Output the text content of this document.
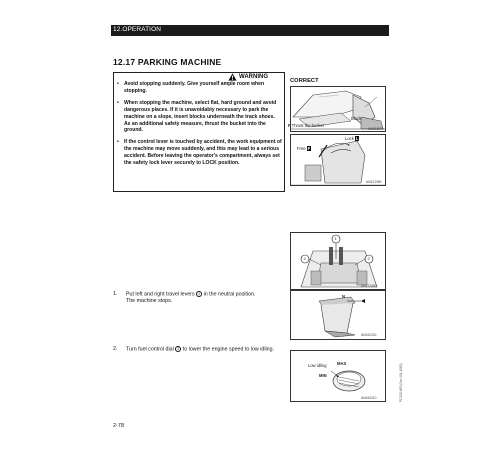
12.OPERATION
12.17 PARKING MACHINE
WARNING
• Avoid stopping suddenly. Give yourself ample room when stopping.
• When stopping the machine, select flat, hard ground and avoid dangerous places. If it is unavoidably necessary to park the machine on a slope, insert blocks underneath the track shoes.
As an additional safety measure, thrust the bucket into the ground.
• If the control lever is touched by accident, the work equipment of the machine may move suddenly, and this may lead to a serious accident. Before leaving the operator's compartment, always set the safety lock lever securely to LOCK position.
CORRECT
Block
F Thrust the bucket
AM121270
Lock L
Free F
AM121080
1
2	2
AM121450
N
AM162200
Low idling MAX
MIN
AM160210
1. Put left and right travel levers 1 in the neutral position.
The machine stops.
2. Turn fuel control dial 2 to lower the engine speed to low idling.
2-78
PC120-6E0 (Ser.101-1560)
